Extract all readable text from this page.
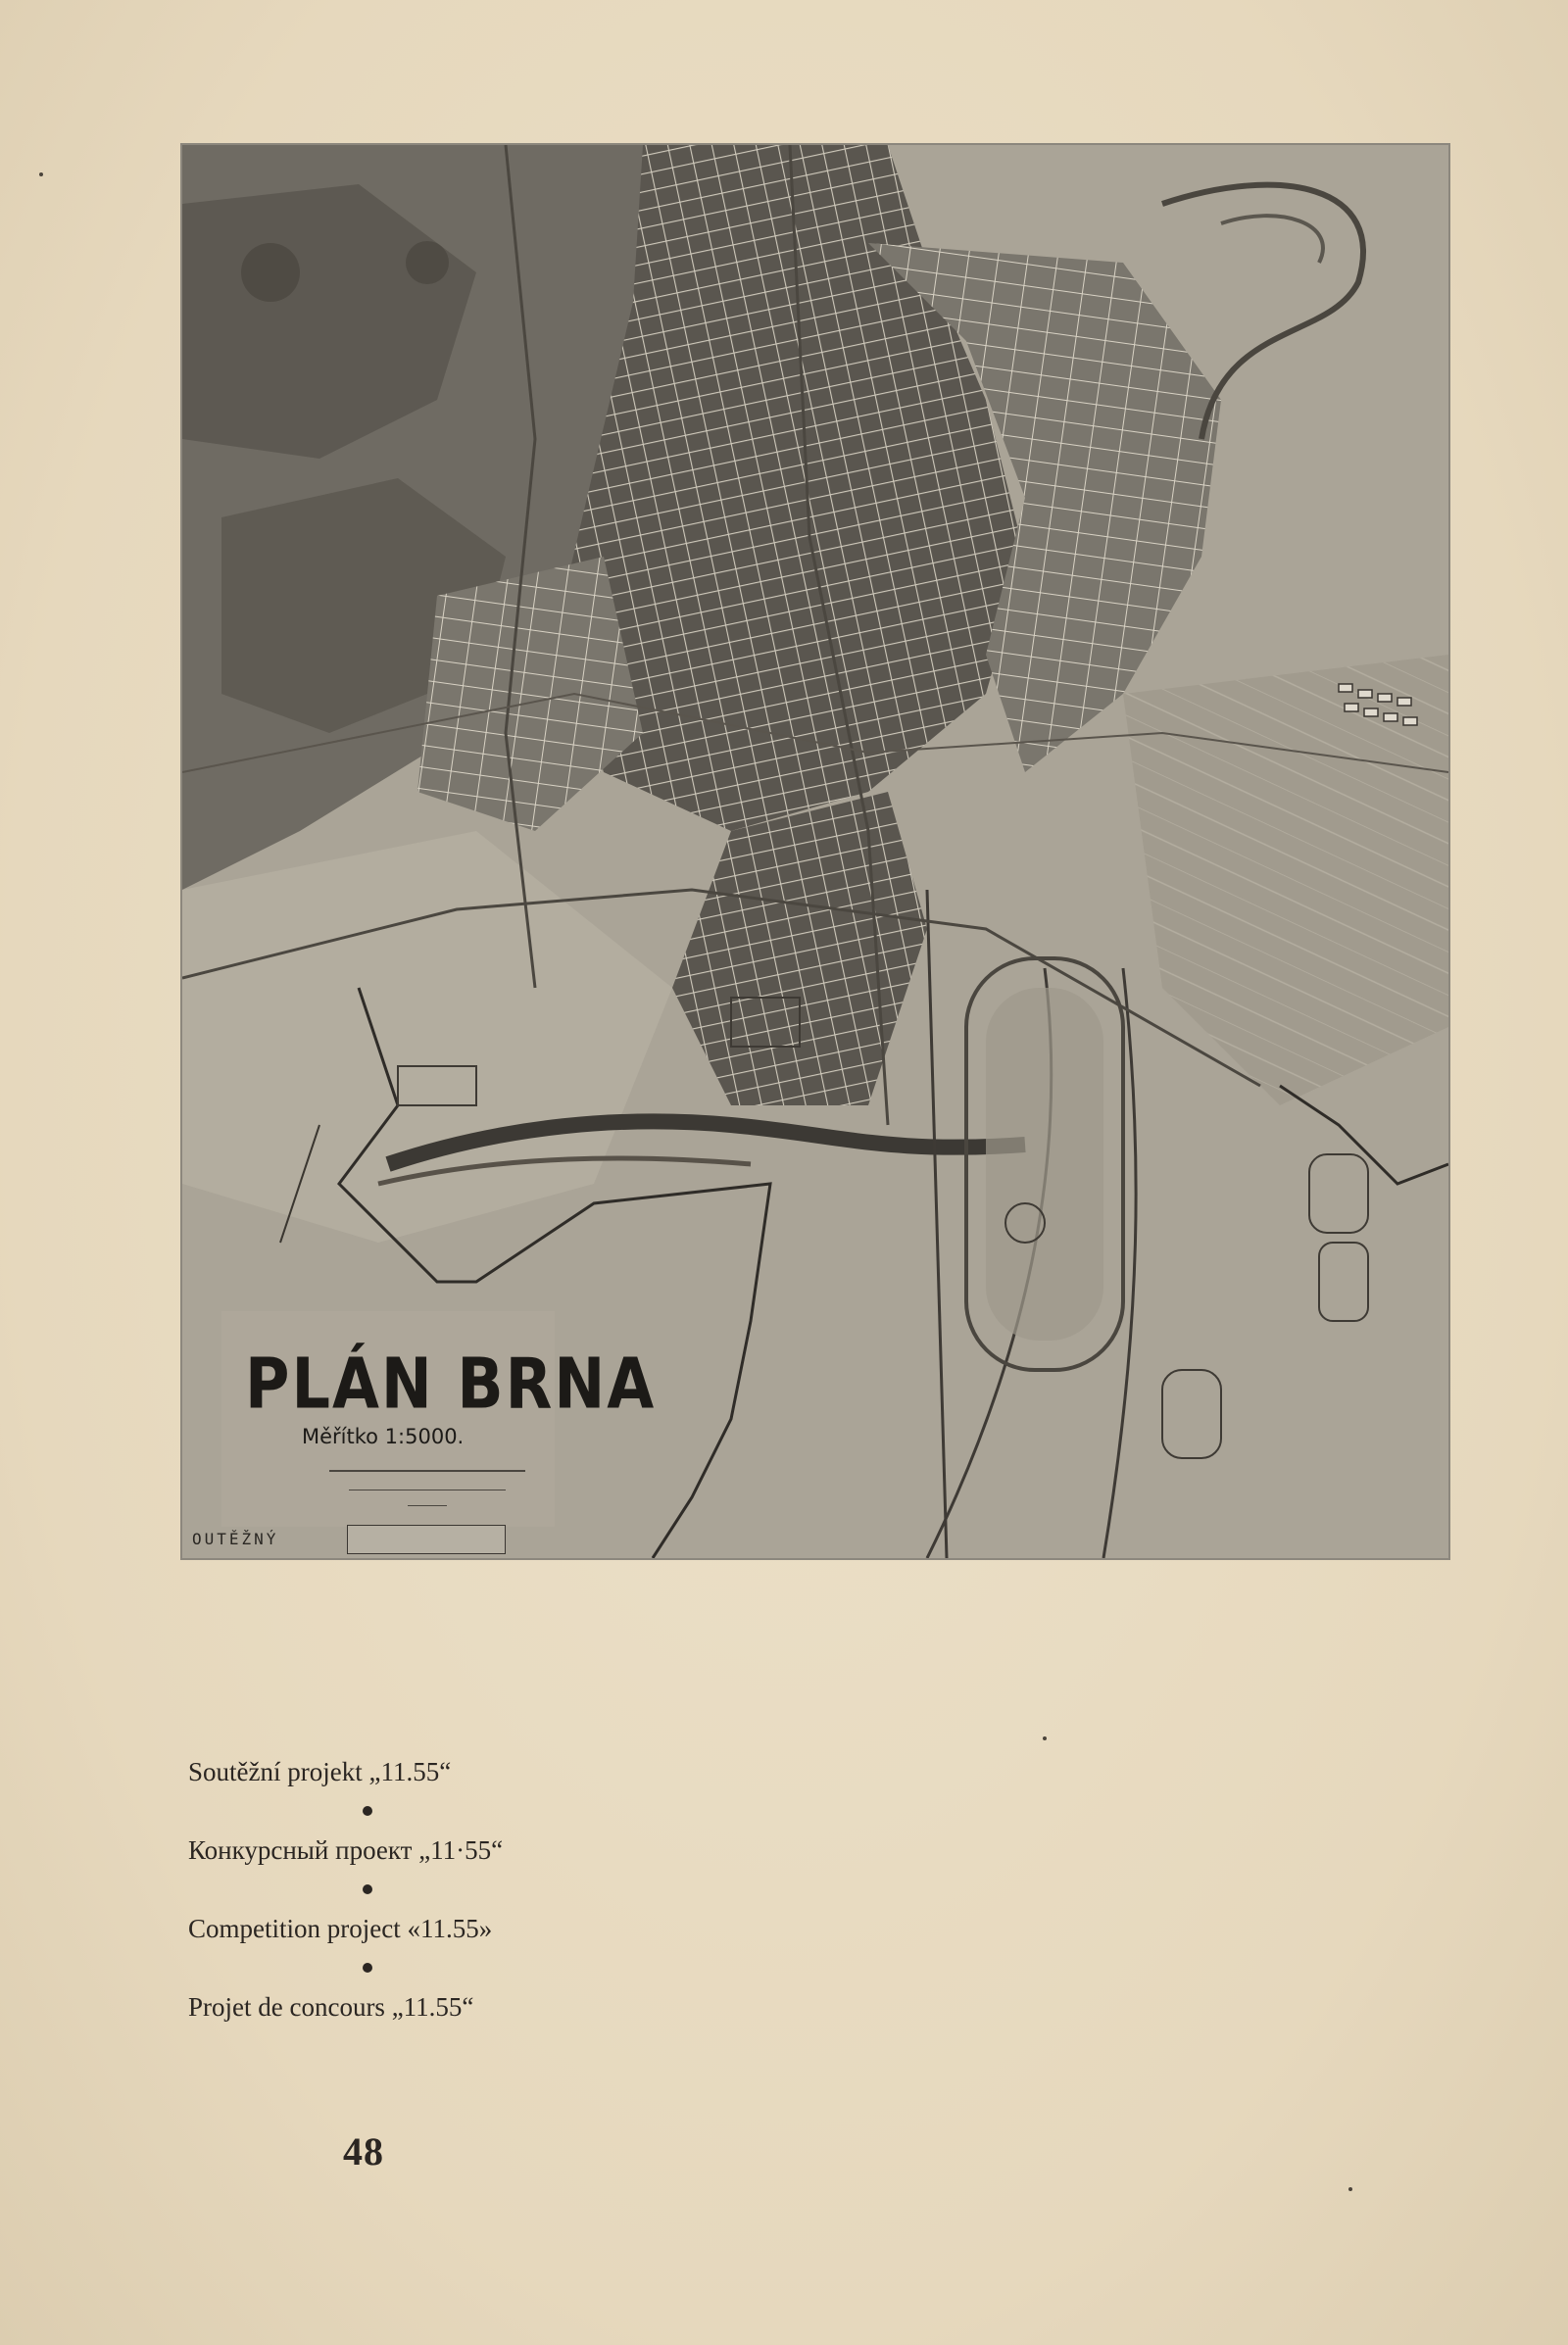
PLÁN BRNA
Měřítko 1:5000.
OUTĚŽNÝ
Soutěžní projekt „11.55“
Конкурсный проект „11·55“
Competition project «11.55»
Projet de concours „11.55“
48
